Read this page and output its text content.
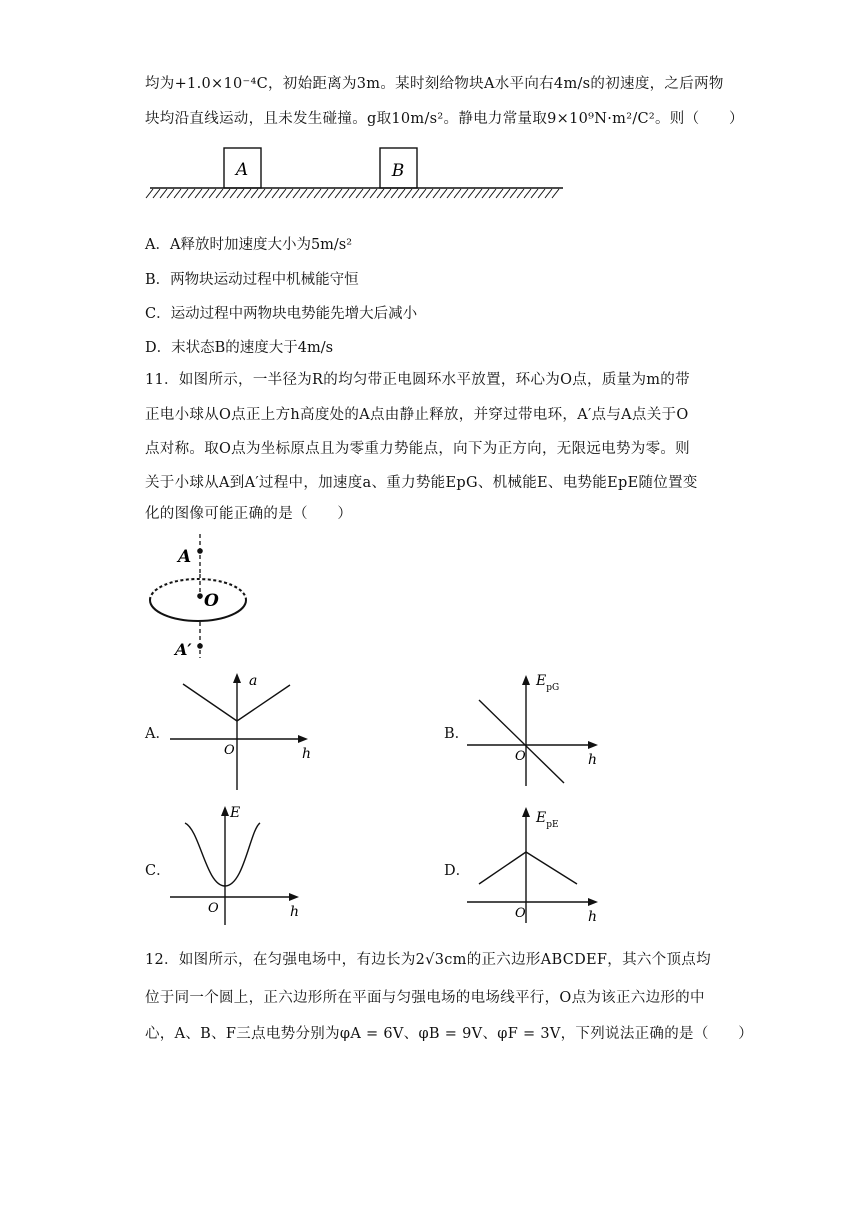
均为+1.0×10⁻⁴C，初始距离为3m。某时刻给物块A水平向右4m/s的初速度，之后两物
块均沿直线运动，且未发生碰撞。g取10m/s²。静电力常量取9×10⁹N·m²/C²。则（　　）
A	B
A．A释放时加速度大小为5m/s²
B．两物块运动过程中机械能守恒
C．运动过程中两物块电势能先增大后减小
D．末状态B的速度大于4m/s
11．如图所示，一半径为R的均匀带正电圆环水平放置，环心为O点，质量为m的带
正电小球从O点正上方h高度处的A点由静止释放，并穿过带电环，A′点与A点关于O
点对称。取O点为坐标原点且为零重力势能点，向下为正方向，无限远电势为零。则
关于小球从A到A′过程中，加速度a、重力势能EpG、机械能E、电势能EpE随位置变
化的图像可能正确的是（　　）
A
O
A′
A．
a
O	h
B．
$E_{pG}$
O	h
C．
E
O	h
D．
$E_{pE}$
O	h
12．如图所示，在匀强电场中，有边长为2√3cm的正六边形ABCDEF，其六个顶点均
位于同一个圆上，正六边形所在平面与匀强电场的电场线平行，O点为该正六边形的中
心，A、B、F三点电势分别为φA = 6V、φB = 9V、φF = 3V，下列说法正确的是（　　）
